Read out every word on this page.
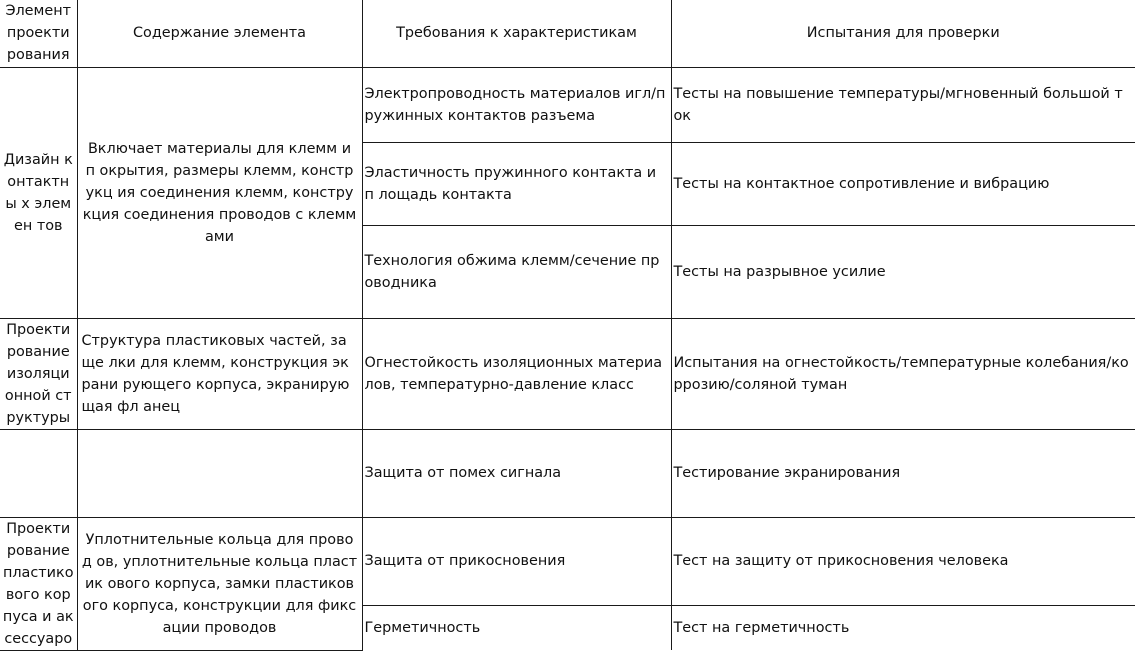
Элемент проекти рования	Содержание элемента	Требования к характеристикам	Испытания для проверки
Дизайн к онтактны х элемен тов	Включает материалы для клемм и п окрытия, размеры клемм, конструкц ия соединения клемм, конструкция соединения проводов с клеммами	Электропроводность материалов игл/п ружинных контактов разъема	Тесты на повышение температуры/мгновенный большой т ок
		Эластичность пружинного контакта и п лощадь контакта	Тесты на контактное сопротивление и вибрацию
		Технология обжима клемм/сечение пр оводника	Тесты на разрывное усилие
Проекти рование изоляци онной ст руктуры	Структура пластиковых частей, заще лки для клемм, конструкция экрани рующего корпуса, экранирующая фл анец	Огнестойкость изоляционных материа лов, температурно-давление класс	Испытания на огнестойкость/температурные колебания/ко ррозию/соляной туман
		Защита от помех сигнала	Тестирование экранирования
Проекти рование пластико вого кор пуса и ак сессуаро	Уплотнительные кольца для провод ов, уплотнительные кольца пластик ового корпуса, замки пластикового корпуса, конструкции для фиксации проводов	Защита от прикосновения	Тест на защиту от прикосновения человека
		Герметичность	Тест на герметичность
